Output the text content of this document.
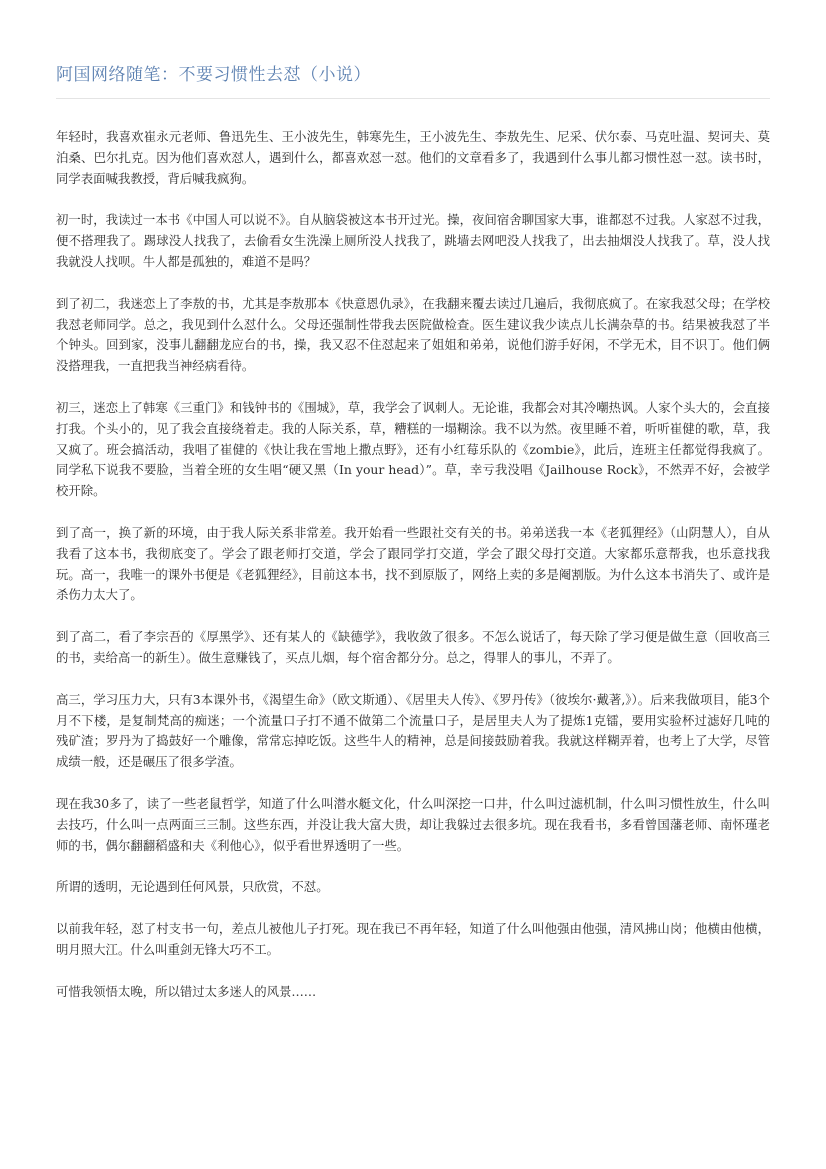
阿国网络随笔：不要习惯性去怼（小说）

年轻时，我喜欢崔永元老师、鲁迅先生、王小波先生，韩寒先生，王小波先生、李敖先生、尼采、伏尔泰、马克吐温、契诃夫、莫泊桑、巴尔扎克。因为他们喜欢怼人，遇到什么，都喜欢怼一怼。他们的文章看多了，我遇到什么事儿都习惯性怼一怼。读书时，同学表面喊我教授，背后喊我疯狗。

初一时，我读过一本书《中国人可以说不》。自从脑袋被这本书开过光。操，夜间宿舍聊国家大事，谁都怼不过我。人家怼不过我，便不搭理我了。踢球没人找我了，去偷看女生洗澡上厕所没人找我了，跳墙去网吧没人找我了，出去抽烟没人找我了。草，没人找我就没人找呗。牛人都是孤独的，难道不是吗？

到了初二，我迷恋上了李敖的书，尤其是李敖那本《快意恩仇录》，在我翻来覆去读过几遍后，我彻底疯了。在家我怼父母；在学校我怼老师同学。总之，我见到什么怼什么。父母还强制性带我去医院做检查。医生建议我少读点儿长满杂草的书。结果被我怼了半个钟头。回到家，没事儿翻翻龙应台的书，操，我又忍不住怼起来了姐姐和弟弟，说他们游手好闲，不学无术，目不识丁。他们俩没搭理我，一直把我当神经病看待。

初三，迷恋上了韩寒《三重门》和钱钟书的《围城》，草，我学会了讽刺人。无论谁，我都会对其冷嘲热讽。人家个头大的，会直接打我。个头小的，见了我会直接绕着走。我的人际关系，草，糟糕的一塌糊涂。我不以为然。夜里睡不着，听听崔健的歌，草，我又疯了。班会搞活动，我唱了崔健的《快让我在雪地上撒点野》，还有小红莓乐队的《zombie》，此后，连班主任都觉得我疯了。同学私下说我不要脸，当着全班的女生唱“硬又黑（In your head）”。草，幸亏我没唱《Jailhouse Rock》，不然弄不好，会被学校开除。

到了高一，换了新的环境，由于我人际关系非常差。我开始看一些跟社交有关的书。弟弟送我一本《老狐狸经》（山阴慧人），自从我看了这本书，我彻底变了。学会了跟老师打交道，学会了跟同学打交道，学会了跟父母打交道。大家都乐意帮我，也乐意找我玩。高一，我唯一的课外书便是《老狐狸经》，目前这本书，找不到原版了，网络上卖的多是阉割版。为什么这本书消失了、或许是杀伤力太大了。

到了高二，看了李宗吾的《厚黑学》、还有某人的《缺德学》，我收敛了很多。不怎么说话了，每天除了学习便是做生意（回收高三的书，卖给高一的新生）。做生意赚钱了，买点儿烟，每个宿舍都分分。总之，得罪人的事儿，不弄了。

高三，学习压力大，只有3本课外书，《渴望生命》（欧文斯通）、《居里夫人传》、《罗丹传》（彼埃尔·戴著,》）。后来我做项目，能3个月不下楼，是复制梵高的痴迷；一个流量口子打不通不做第二个流量口子，是居里夫人为了提炼1克镭，要用实验杯过滤好几吨的残矿渣；罗丹为了捣鼓好一个雕像，常常忘掉吃饭。这些牛人的精神，总是间接鼓励着我。我就这样糊弄着，也考上了大学，尽管成绩一般，还是碾压了很多学渣。

现在我30多了，读了一些老鼠哲学，知道了什么叫潜水艇文化，什么叫深挖一口井，什么叫过滤机制，什么叫习惯性放生，什么叫去技巧，什么叫一点两面三三制。这些东西，并没让我大富大贵，却让我躲过去很多坑。现在我看书，多看曾国藩老师、南怀瑾老师的书，偶尔翻翻稻盛和夫《利他心》，似乎看世界透明了一些。

所谓的透明，无论遇到任何风景，只欣赏，不怼。

以前我年轻，怼了村支书一句，差点儿被他儿子打死。现在我已不再年轻，知道了什么叫他强由他强，清风拂山岗；他横由他横，明月照大江。什么叫重剑无锋大巧不工。

可惜我领悟太晚，所以错过太多迷人的风景……
